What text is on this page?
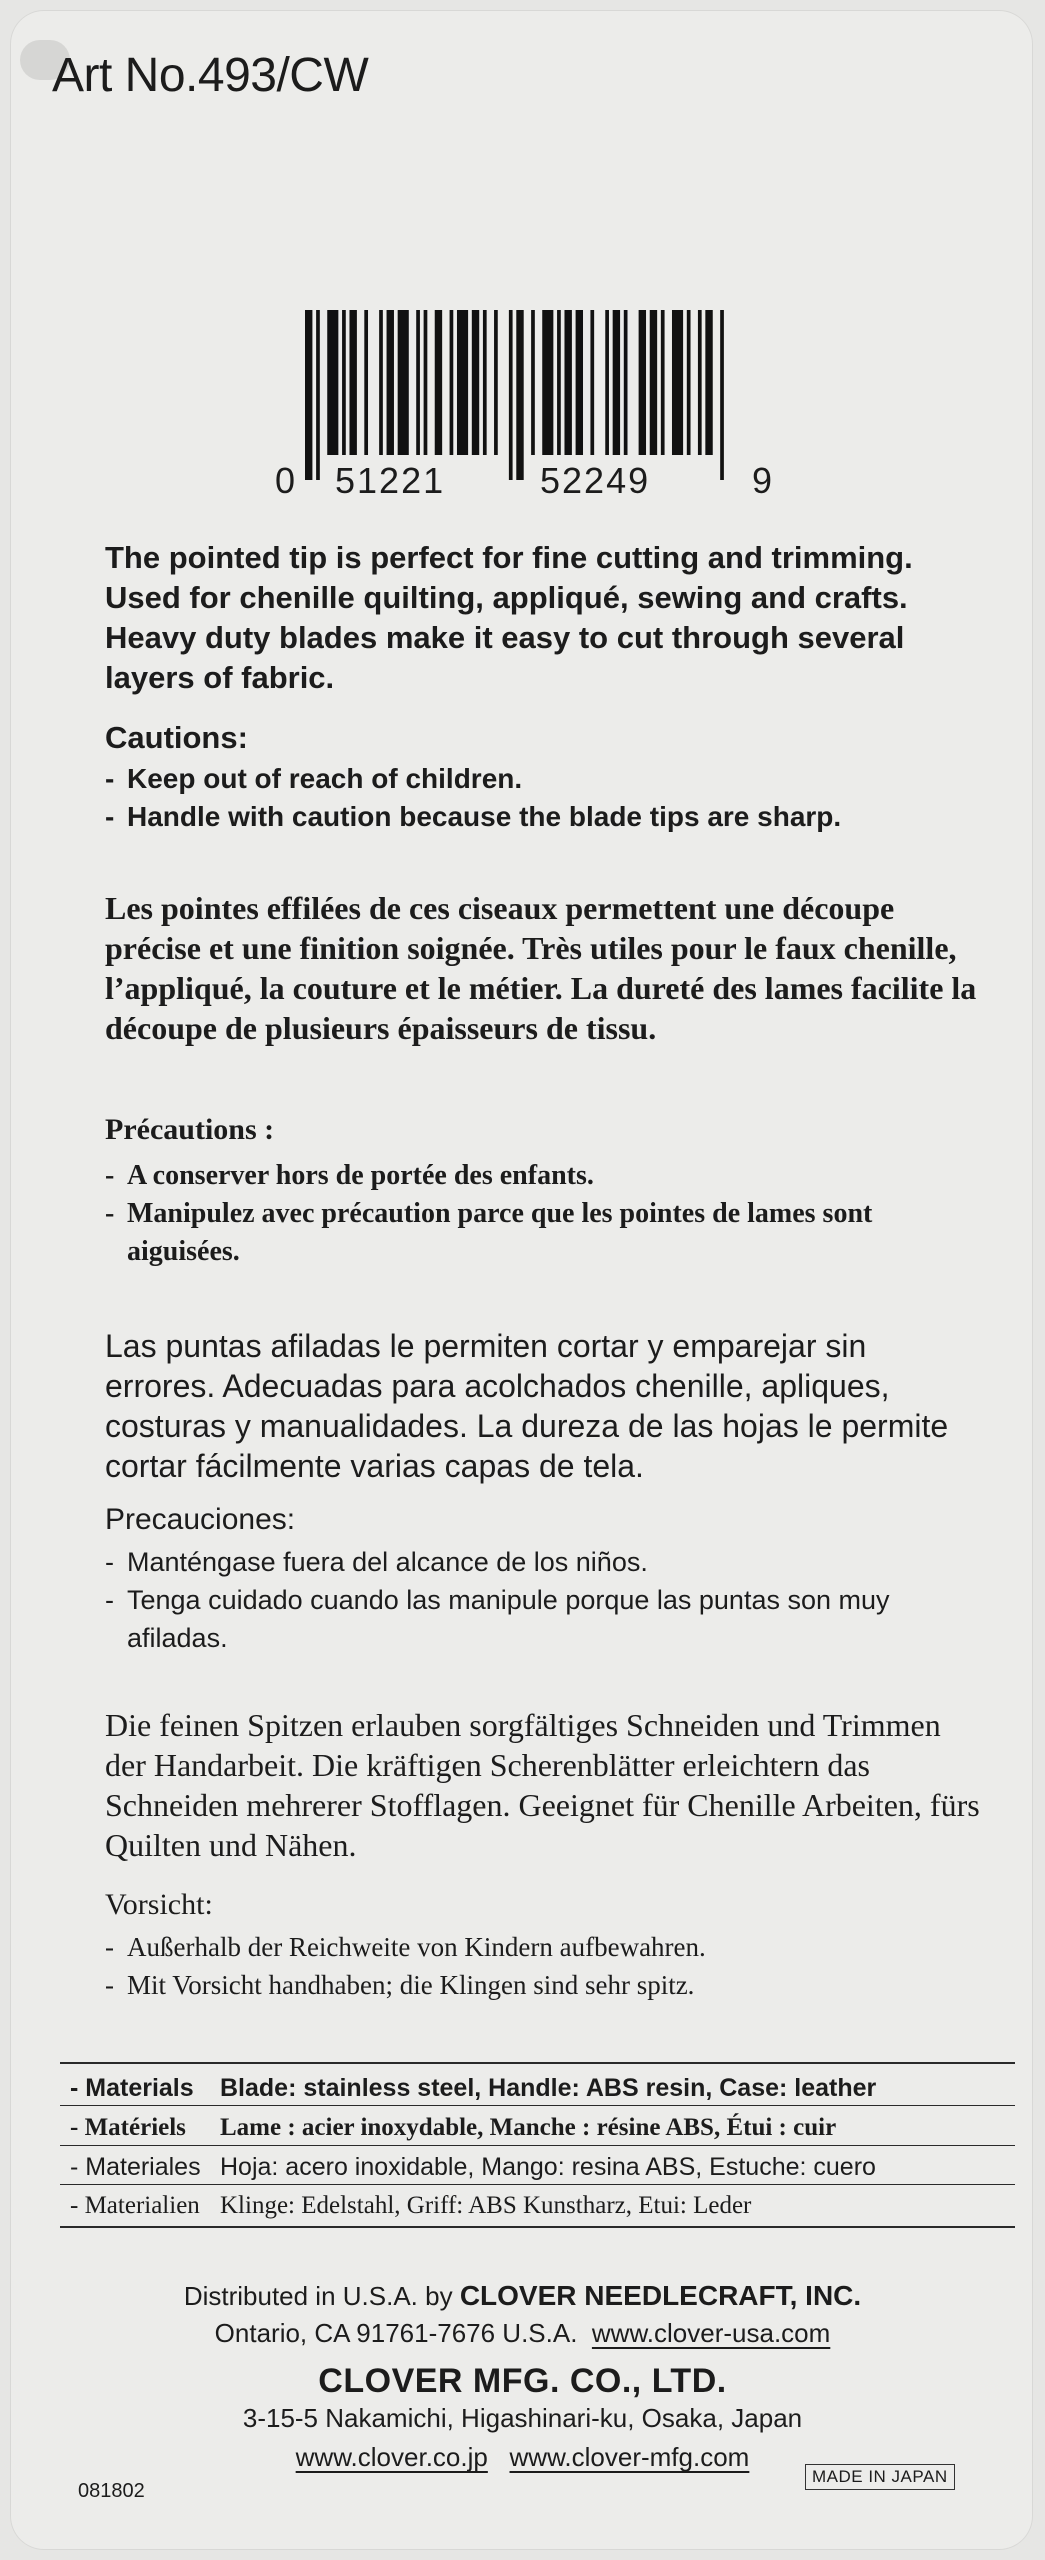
Art No.493/CW
0 51221	52249	9
The pointed tip is perfect for fine cutting and trimming. Used for chenille quilting, appliqué, sewing and crafts. Heavy duty blades make it easy to cut through several layers of fabric.
Cautions:
- Keep out of reach of children.
- Handle with caution because the blade tips are sharp.
Les pointes effilées de ces ciseaux permettent une découpe précise et une finition soignée. Très utiles pour le faux chenille, l’appliqué, la couture et le métier. La dureté des lames facilite la découpe de plusieurs épaisseurs de tissu.
Précautions :
- A conserver hors de portée des enfants.
- Manipulez avec précaution parce que les pointes de lames sont aiguisées.
Las puntas afiladas le permiten cortar y emparejar sin errores. Adecuadas para acolchados chenille, apliques, costuras y manualidades. La dureza de las hojas le permite cortar fácilmente varias capas de tela.
Precauciones:
- Manténgase fuera del alcance de los niños.
- Tenga cuidado cuando las manipule porque las puntas son muy afiladas.
Die feinen Spitzen erlauben sorgfältiges Schneiden und Trimmen der Handarbeit. Die kräftigen Scherenblätter erleichtern das Schneiden mehrerer Stofflagen. Geeignet für Chenille Arbeiten, fürs Quilten und Nähen.
Vorsicht:
- Außerhalb der Reichweite von Kindern aufbewahren.
- Mit Vorsicht handhaben; die Klingen sind sehr spitz.
- Materials Blade: stainless steel, Handle: ABS resin, Case: leather
- Matériels Lame : acier inoxydable, Manche : résine ABS, Étui : cuir
- Materiales Hoja: acero inoxidable, Mango: resina ABS, Estuche: cuero
- Materialien Klinge: Edelstahl, Griff: ABS Kunstharz, Etui: Leder
Distributed in U.S.A. by CLOVER NEEDLECRAFT, INC.
Ontario, CA 91761-7676 U.S.A. www.clover-usa.com
CLOVER MFG. CO., LTD.
3-15-5 Nakamichi, Higashinari-ku, Osaka, Japan
www.clover.co.jp www.clover-mfg.com
081802
MADE IN JAPAN
